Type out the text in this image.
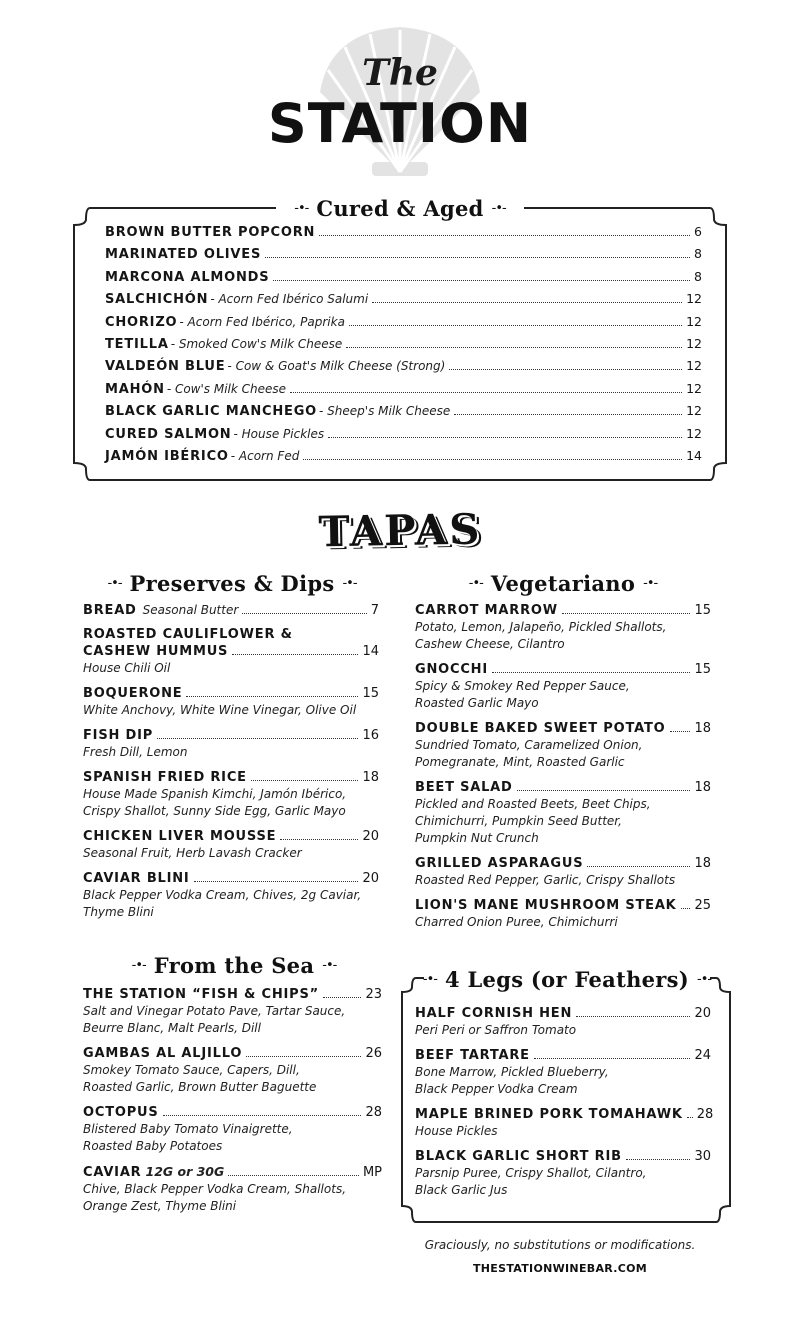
The
STATION
-•- Cured & Aged -•-
BROWN BUTTER POPCORN	6
MARINATED OLIVES	8
MARCONA ALMONDS	8
SALCHICHÓN - Acorn Fed Ibérico Salumi	12
CHORIZO - Acorn Fed Ibérico, Paprika	12
TETILLA - Smoked Cow's Milk Cheese	12
VALDEÓN BLUE - Cow & Goat's Milk Cheese (Strong)	12
MAHÓN - Cow's Milk Cheese	12
BLACK GARLIC MANCHEGO - Sheep's Milk Cheese	12
CURED SALMON - House Pickles	12
JAMÓN IBÉRICO - Acorn Fed	14
TAPAS
-•- Preserves & Dips -•-
BREAD Seasonal Butter	7
ROASTED CAULIFLOWER &
CASHEW HUMMUS	14
House Chili Oil
BOQUERONE	15
White Anchovy, White Wine Vinegar, Olive Oil
FISH DIP	16
Fresh Dill, Lemon
SPANISH FRIED RICE	18
House Made Spanish Kimchi, Jamón Ibérico,
Crispy Shallot, Sunny Side Egg, Garlic Mayo
CHICKEN LIVER MOUSSE	20
Seasonal Fruit, Herb Lavash Cracker
CAVIAR BLINI	20
Black Pepper Vodka Cream, Chives, 2g Caviar,
Thyme Blini
-•- Vegetariano -•-
CARROT MARROW	15
Potato, Lemon, Jalapeño, Pickled Shallots,
Cashew Cheese, Cilantro
GNOCCHI	15
Spicy & Smokey Red Pepper Sauce,
Roasted Garlic Mayo
DOUBLE BAKED SWEET POTATO 18
Sundried Tomato, Caramelized Onion,
Pomegranate, Mint, Roasted Garlic
BEET SALAD	18
Pickled and Roasted Beets, Beet Chips,
Chimichurri, Pumpkin Seed Butter,
Pumpkin Nut Crunch
GRILLED ASPARAGUS	18
Roasted Red Pepper, Garlic, Crispy Shallots
LION'S MANE MUSHROOM STEAK 25
Charred Onion Puree, Chimichurri
-•- From the Sea -•-
THE STATION “FISH & CHIPS”	23
Salt and Vinegar Potato Pave, Tartar Sauce,
Beurre Blanc, Malt Pearls, Dill
GAMBAS AL ALJILLO	26
Smokey Tomato Sauce, Capers, Dill,
Roasted Garlic, Brown Butter Baguette
OCTOPUS	28
Blistered Baby Tomato Vinaigrette,
Roasted Baby Potatoes
CAVIAR 12G or 30G	MP
Chive, Black Pepper Vodka Cream, Shallots,
Orange Zest, Thyme Blini
-•- 4 Legs (or Feathers) -•-
HALF CORNISH HEN	20
Peri Peri or Saffron Tomato
BEEF TARTARE	24
Bone Marrow, Pickled Blueberry,
Black Pepper Vodka Cream
MAPLE BRINED PORK TOMAHAWK 28
House Pickles
BLACK GARLIC SHORT RIB	30
Parsnip Puree, Crispy Shallot, Cilantro,
Black Garlic Jus
Graciously, no substitutions or modifications.
THESTATIONWINEBAR.COM
